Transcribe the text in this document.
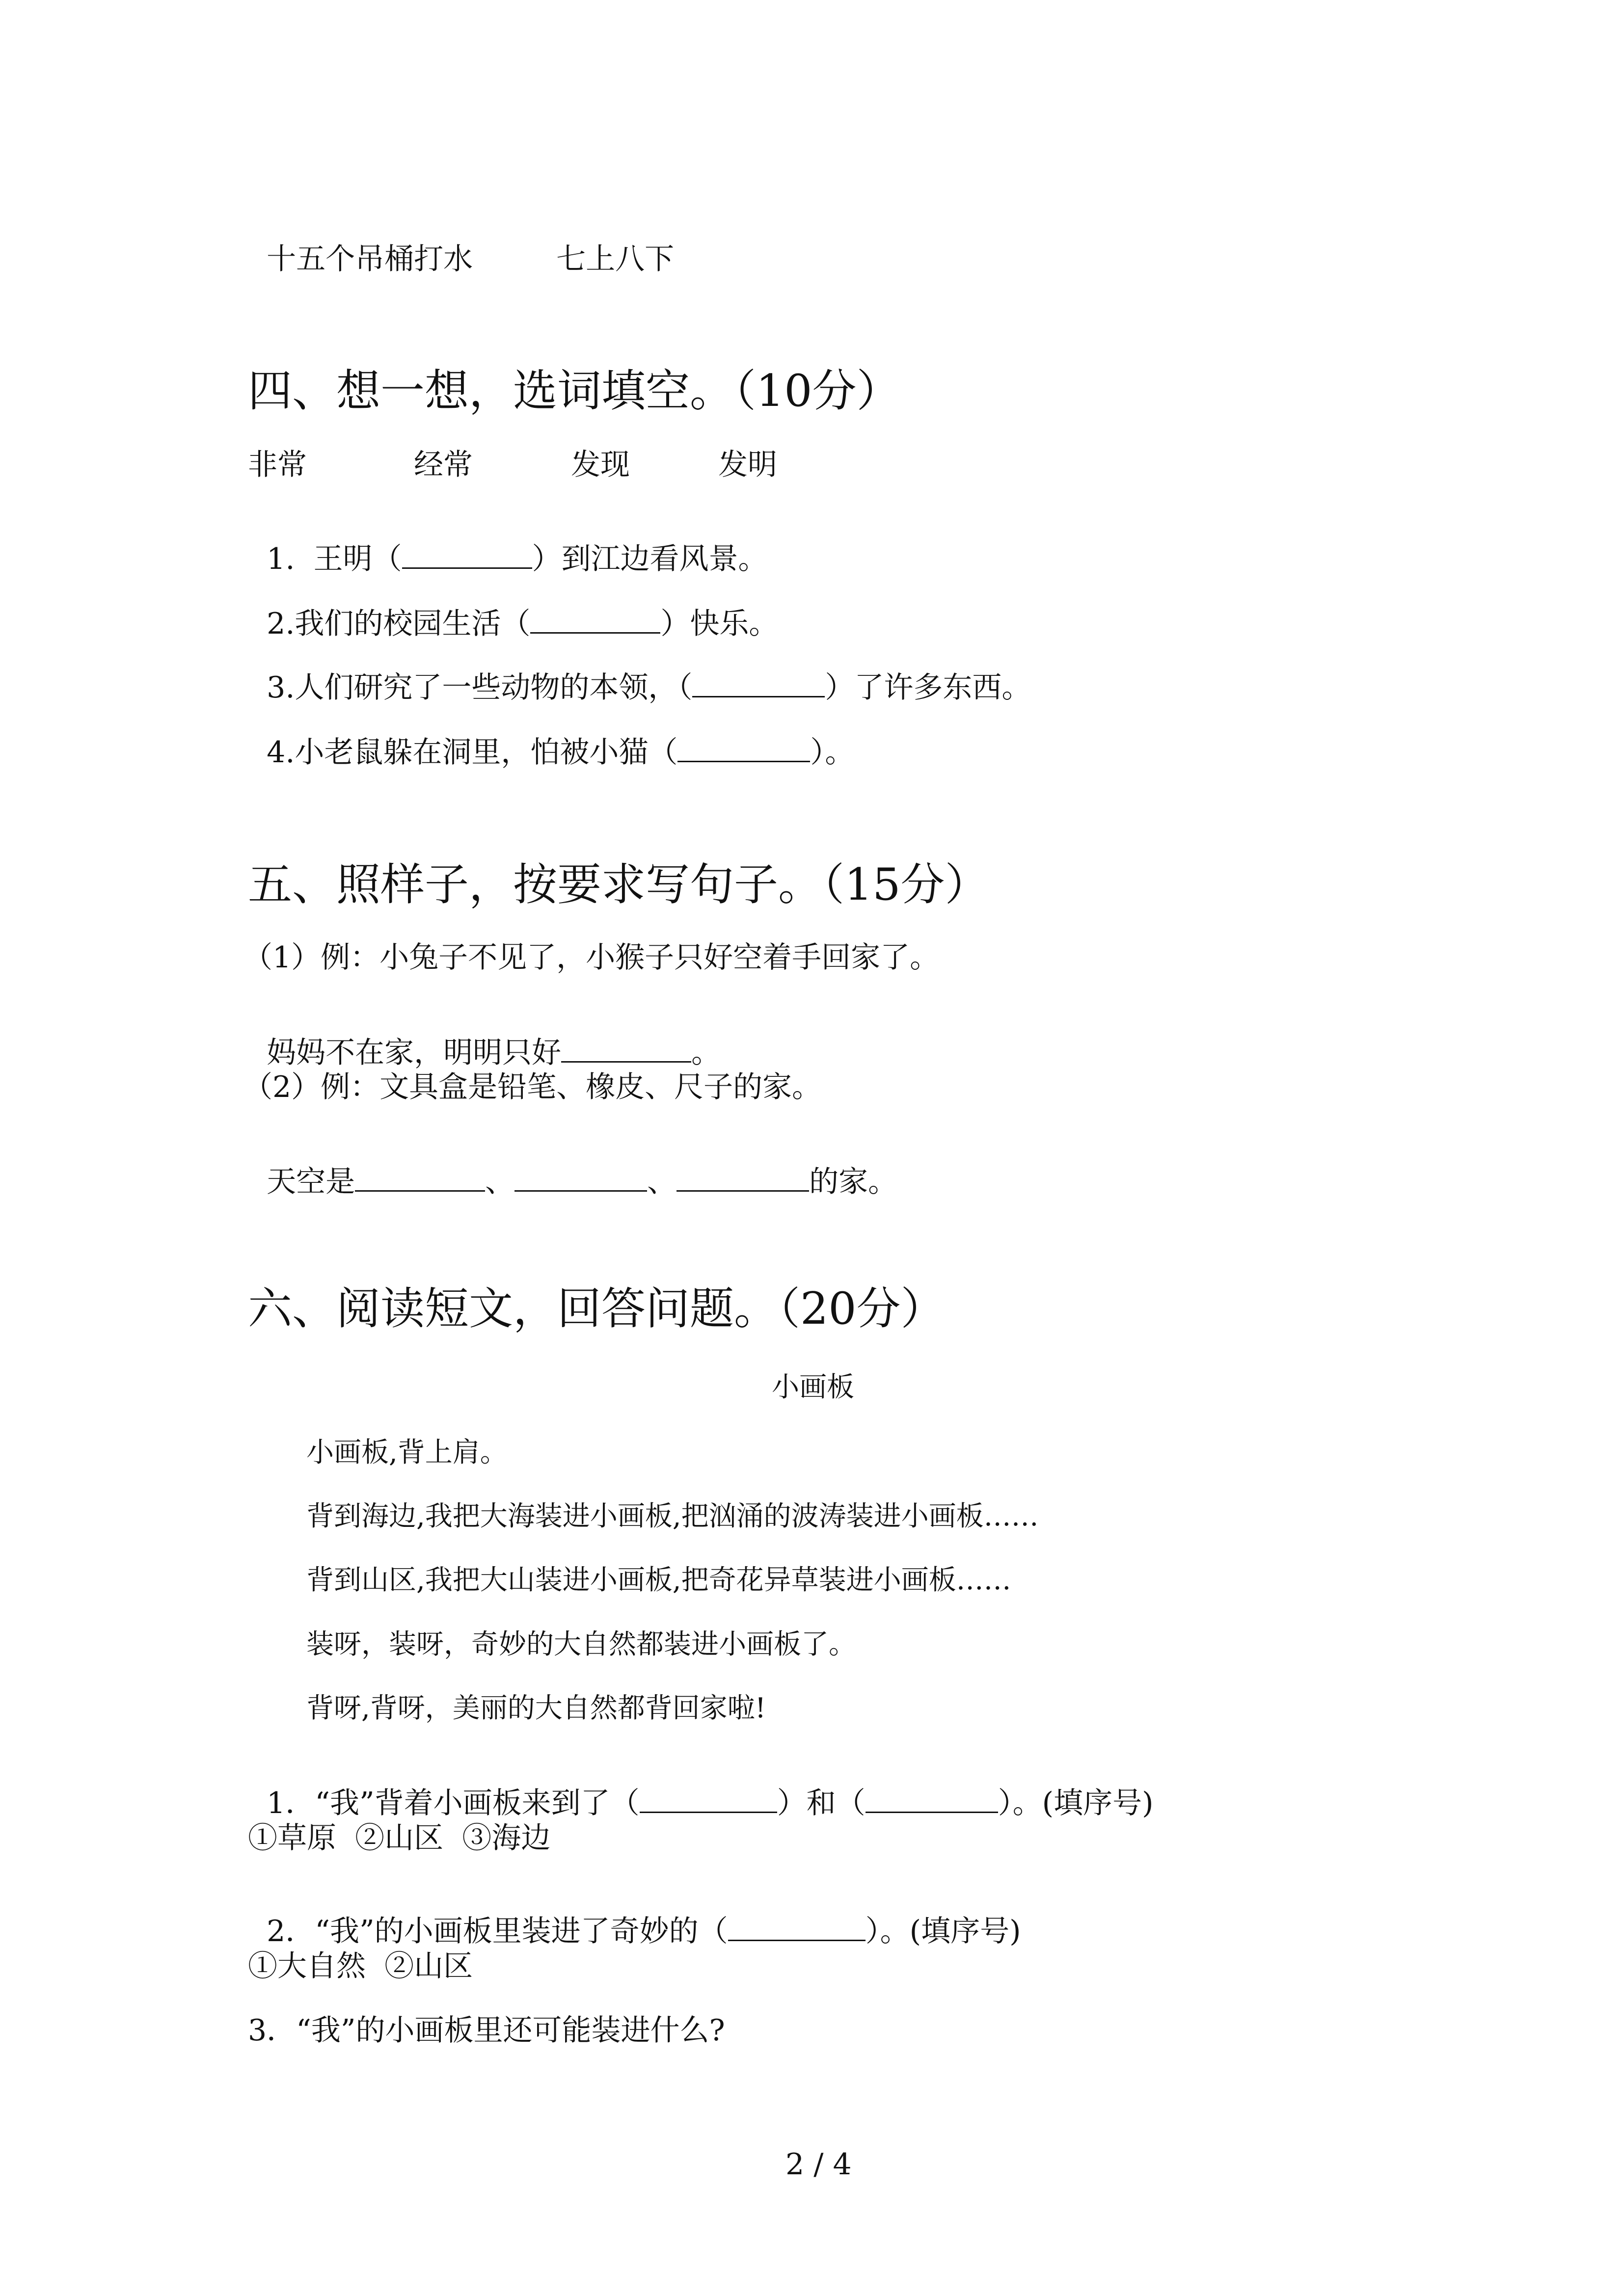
十五个吊桶打水	七上八下

四、想一想，选词填空。（10分）
非常	经常	发现	发明

1.  王明（	）到江边看风景。

2.我们的校园生活（	）快乐。

3.人们研究了一些动物的本领，（	）了许多东西。

4.小老鼠躲在洞里，怕被小猫（	）。

五、照样子，按要求写句子。（15分）
（1）例：小兔子不见了，小猴子只好空着手回家了。

妈妈不在家，明明只好	。

（2）例：文具盒是铅笔、橡皮、尺子的家。

天空是	、	、	的家。

六、阅读短文，回答问题。（20分）
小画板
小画板,背上肩。
背到海边,我把大海装进小画板,把汹涌的波涛装进小画板……
背到山区,我把大山装进小画板,把奇花异草装进小画板……
装呀，装呀，奇妙的大自然都装进小画板了。
背呀,背呀，美丽的大自然都背回家啦!

1．“我”背着小画板来到了（	）和（	）。(填序号)

①草原  ②山区  ③海边

2．“我”的小画板里装进了奇妙的（	）。(填序号)

①大自然  ②山区
3．“我”的小画板里还可能装进什么?
2 / 4
